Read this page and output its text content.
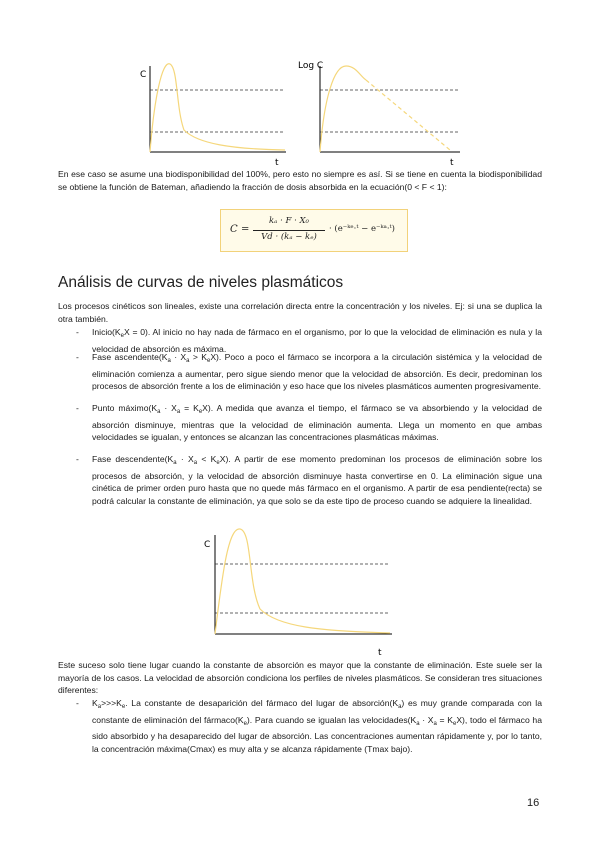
C
t
Log C
t

En ese caso se asume una biodisponibilidad del 100%, pero esto no siempre es así. Si se tiene en cuenta la biodisponibilidad se obtiene la función de Bateman, añadiendo la fracción de dosis absorbida en la ecuación(0 < F < 1):

C =
kₐ · F · X₀
Vd · (kₐ − kₑ)
· (e⁻ᵏᵉ·ᵗ − e⁻ᵏᵃ·ᵗ)
Análisis de curvas de niveles plasmáticos

Los procesos cinéticos son lineales, existe una correlación directa entre la concentración y los niveles. Ej: si una se duplica la otra también.

- $Inicio(K_eX = 0)$. Al inicio no hay nada de fármaco en el organismo, por lo que la velocidad de eliminación es nula y la velocidad de absorción es máxima.
- Fase $ascendente(K_a \cdot X_a > K_eX)$. Poco a poco el fármaco se incorpora a la circulación sistémica y la velocidad de eliminación comienza a aumentar, pero sigue siendo menor que la velocidad de absorción. Es decir, predominan los procesos de absorción frente a los de eliminación y eso hace que los niveles plasmáticos aumenten progresivamente.
- Punto $máximo(K_a \cdot X_a = K_eX)$. A medida que avanza el tiempo, el fármaco se va absorbiendo y la velocidad de absorción disminuye, mientras que la velocidad de eliminación aumenta. Llega un momento en que ambas velocidades se igualan, y entonces se alcanzan las concentraciones plasmáticas máximas.
- Fase $descendente(K_a \cdot X_a < K_eX)$. A partir de ese momento predominan los procesos de eliminación sobre los procesos de absorción, y la velocidad de absorción disminuye hasta convertirse en 0. La eliminación sigue una cinética de primer orden puro hasta que no quede más fármaco en el organismo. A partir de esa pendiente(recta) se podrá calcular la constante de eliminación, ya que solo se da este tipo de proceso cuando se adquiere la linealidad.
C
t

Este suceso solo tiene lugar cuando la constante de absorción es mayor que la constante de eliminación. Este suele ser la mayoría de los casos. La velocidad de absorción condiciona los perfiles de niveles plasmáticos. Se consideran tres situaciones diferentes:

- $K_a>>>K_e$. La constante de desaparición del fármaco del lugar de $absorción(K_a)$ es muy grande comparada con la constante de eliminación del $fármaco(K_e)$. Para cuando se igualan las $velocidades(K_a \cdot X_a = K_eX)$, todo el fármaco ha sido absorbido y ha desaparecido del lugar de absorción. Las concentraciones aumentan rápidamente y, por lo tanto, la concentración máxima(Cmax) es muy alta y se alcanza rápidamente (Tmax bajo).
16
